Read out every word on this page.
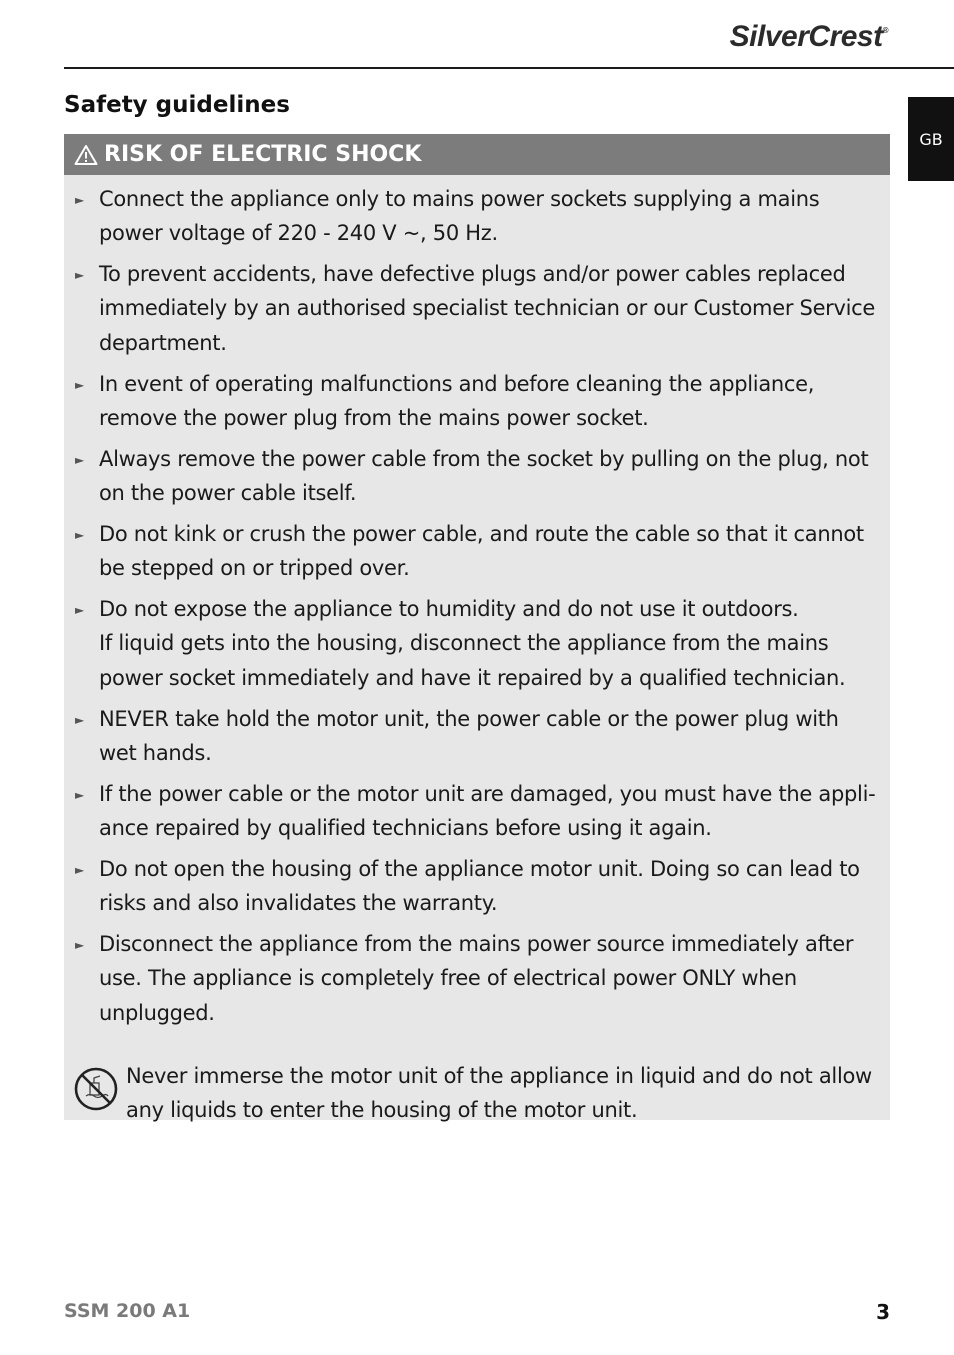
SilverCrest®
GB
Safety guidelines
RISK OF ELECTRIC SHOCK
► Connect the appliance only to mains power sockets supplying a mains power voltage of 220 - 240 V ~, 50 Hz.
► To prevent accidents, have defective plugs and/or power cables replaced immediately by an authorised specialist technician or our Customer Service department.
► In event of operating malfunctions and before cleaning the appliance, remove the power plug from the mains power socket.
► Always remove the power cable from the socket by pulling on the plug, not on the power cable itself.
► Do not kink or crush the power cable, and route the cable so that it cannot be stepped on or tripped over.
► Do not expose the appliance to humidity and do not use it outdoors.
If liquid gets into the housing, disconnect the appliance from the mains power socket immediately and have it repaired by a qualified technician.
► NEVER take hold the motor unit, the power cable or the power plug with wet hands.
► If the power cable or the motor unit are damaged, you must have the appli-ance repaired by qualified technicians before using it again.
► Do not open the housing of the appliance motor unit. Doing so can lead to risks and also invalidates the warranty.
► Disconnect the appliance from the mains power source immediately after use. The appliance is completely free of electrical power ONLY when unplugged.

Never immerse the motor unit of the appliance in liquid and do not allow any liquids to enter the housing of the motor unit.

SSM 200 A1	3
